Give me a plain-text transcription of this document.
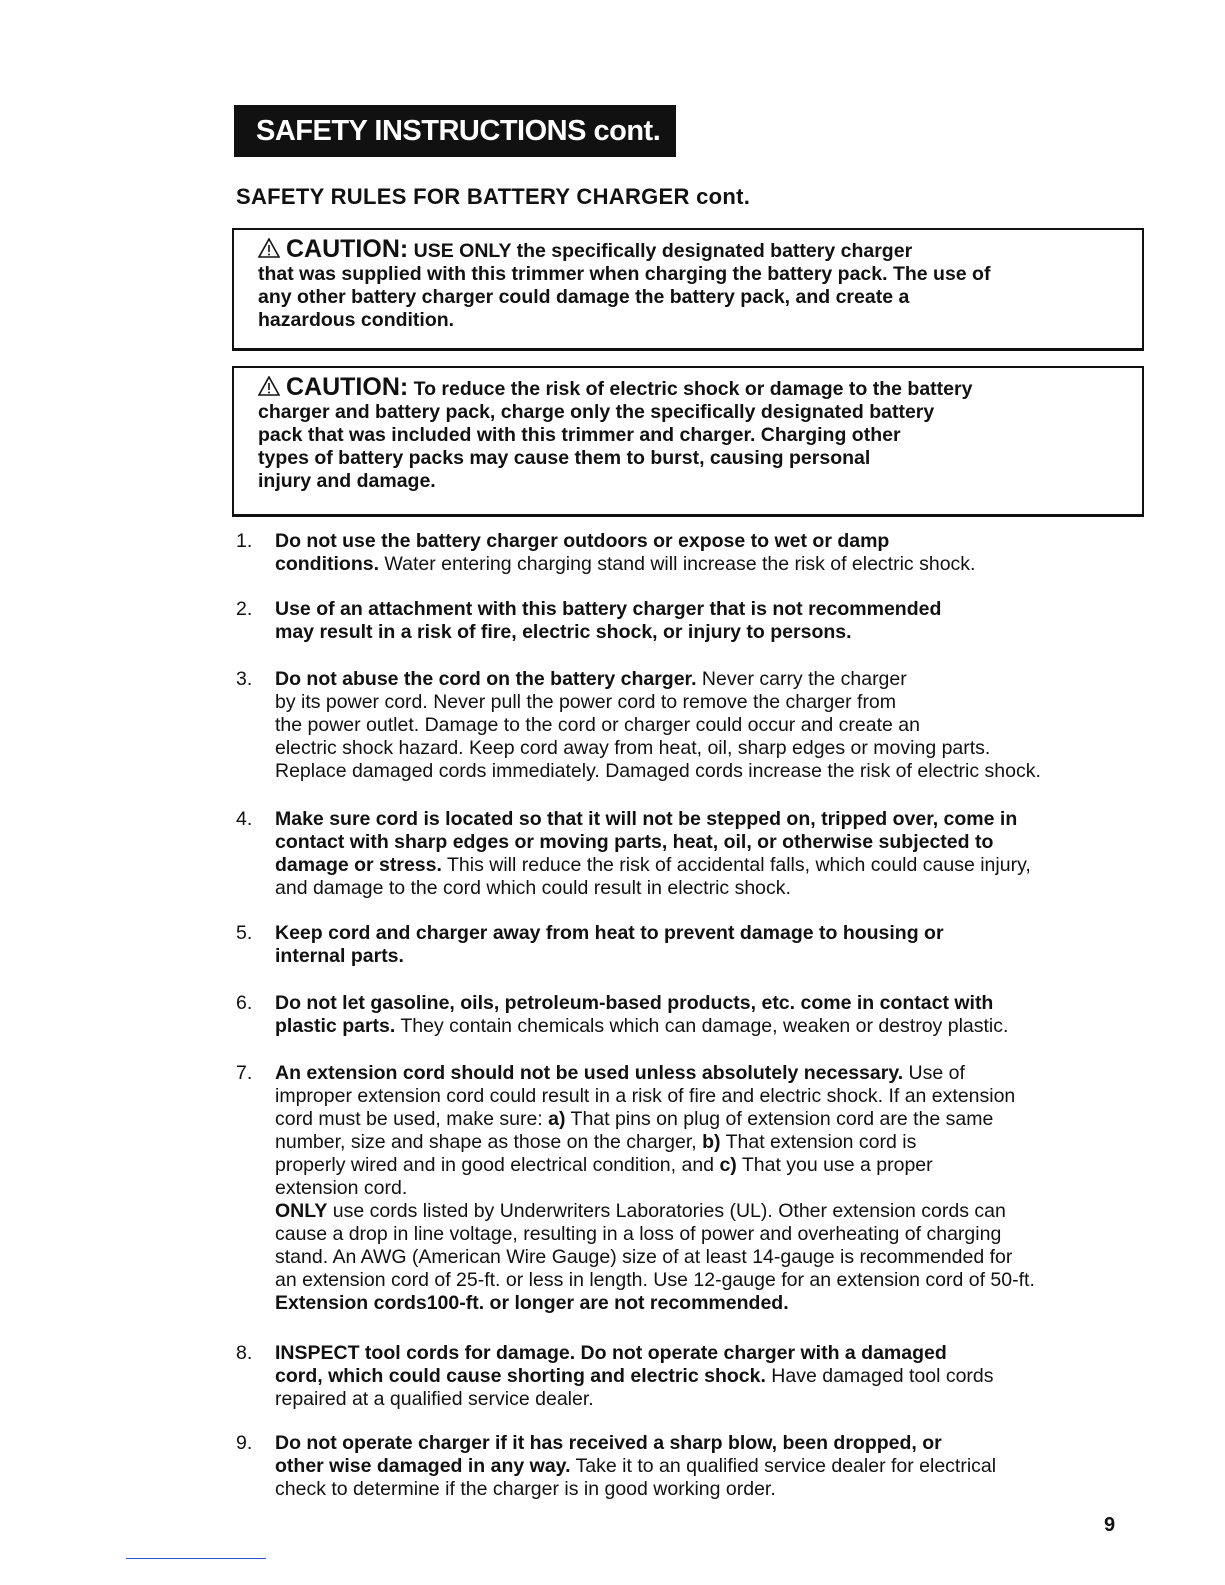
SAFETY INSTRUCTIONS cont.
SAFETY RULES FOR BATTERY CHARGER cont.
CAUTION: USE ONLY the specifically designated battery charger
that was supplied with this trimmer when charging the battery pack. The use of
any other battery charger could damage the battery pack, and create a
hazardous condition.
CAUTION: To reduce the risk of electric shock or damage to the battery
charger and battery pack, charge only the specifically designated battery
pack that was included with this trimmer and charger. Charging other
types of battery packs may cause them to burst, causing personal
injury and damage.
1. Do not use the battery charger outdoors or expose to wet or damp
conditions. Water entering charging stand will increase the risk of electric shock.
2. Use of an attachment with this battery charger that is not recommended
may result in a risk of fire, electric shock, or injury to persons.
3. Do not abuse the cord on the battery charger. Never carry the charger
by its power cord. Never pull the power cord to remove the charger from
the power outlet. Damage to the cord or charger could occur and create an
electric shock hazard. Keep cord away from heat, oil, sharp edges or moving parts.
Replace damaged cords immediately. Damaged cords increase the risk of electric shock.
4. Make sure cord is located so that it will not be stepped on, tripped over, come in
contact with sharp edges or moving parts, heat, oil, or otherwise subjected to
damage or stress. This will reduce the risk of accidental falls, which could cause injury,
and damage to the cord which could result in electric shock.
5. Keep cord and charger away from heat to prevent damage to housing or
internal parts.
6. Do not let gasoline, oils, petroleum-based products, etc. come in contact with
plastic parts. They contain chemicals which can damage, weaken or destroy plastic.
7. An extension cord should not be used unless absolutely necessary. Use of
improper extension cord could result in a risk of fire and electric shock. If an extension
cord must be used, make sure: a) That pins on plug of extension cord are the same
number, size and shape as those on the charger, b) That extension cord is
properly wired and in good electrical condition, and c) That you use a proper
extension cord.
ONLY use cords listed by Underwriters Laboratories (UL). Other extension cords can
cause a drop in line voltage, resulting in a loss of power and overheating of charging
stand. An AWG (American Wire Gauge) size of at least 14-gauge is recommended for
an extension cord of 25-ft. or less in length. Use 12-gauge for an extension cord of 50-ft.
Extension cords100-ft. or longer are not recommended.
8. INSPECT tool cords for damage. Do not operate charger with a damaged
cord, which could cause shorting and electric shock. Have damaged tool cords
repaired at a qualified service dealer.
9. Do not operate charger if it has received a sharp blow, been dropped, or
other wise damaged in any way. Take it to an qualified service dealer for electrical
check to determine if the charger is in good working order.
9
